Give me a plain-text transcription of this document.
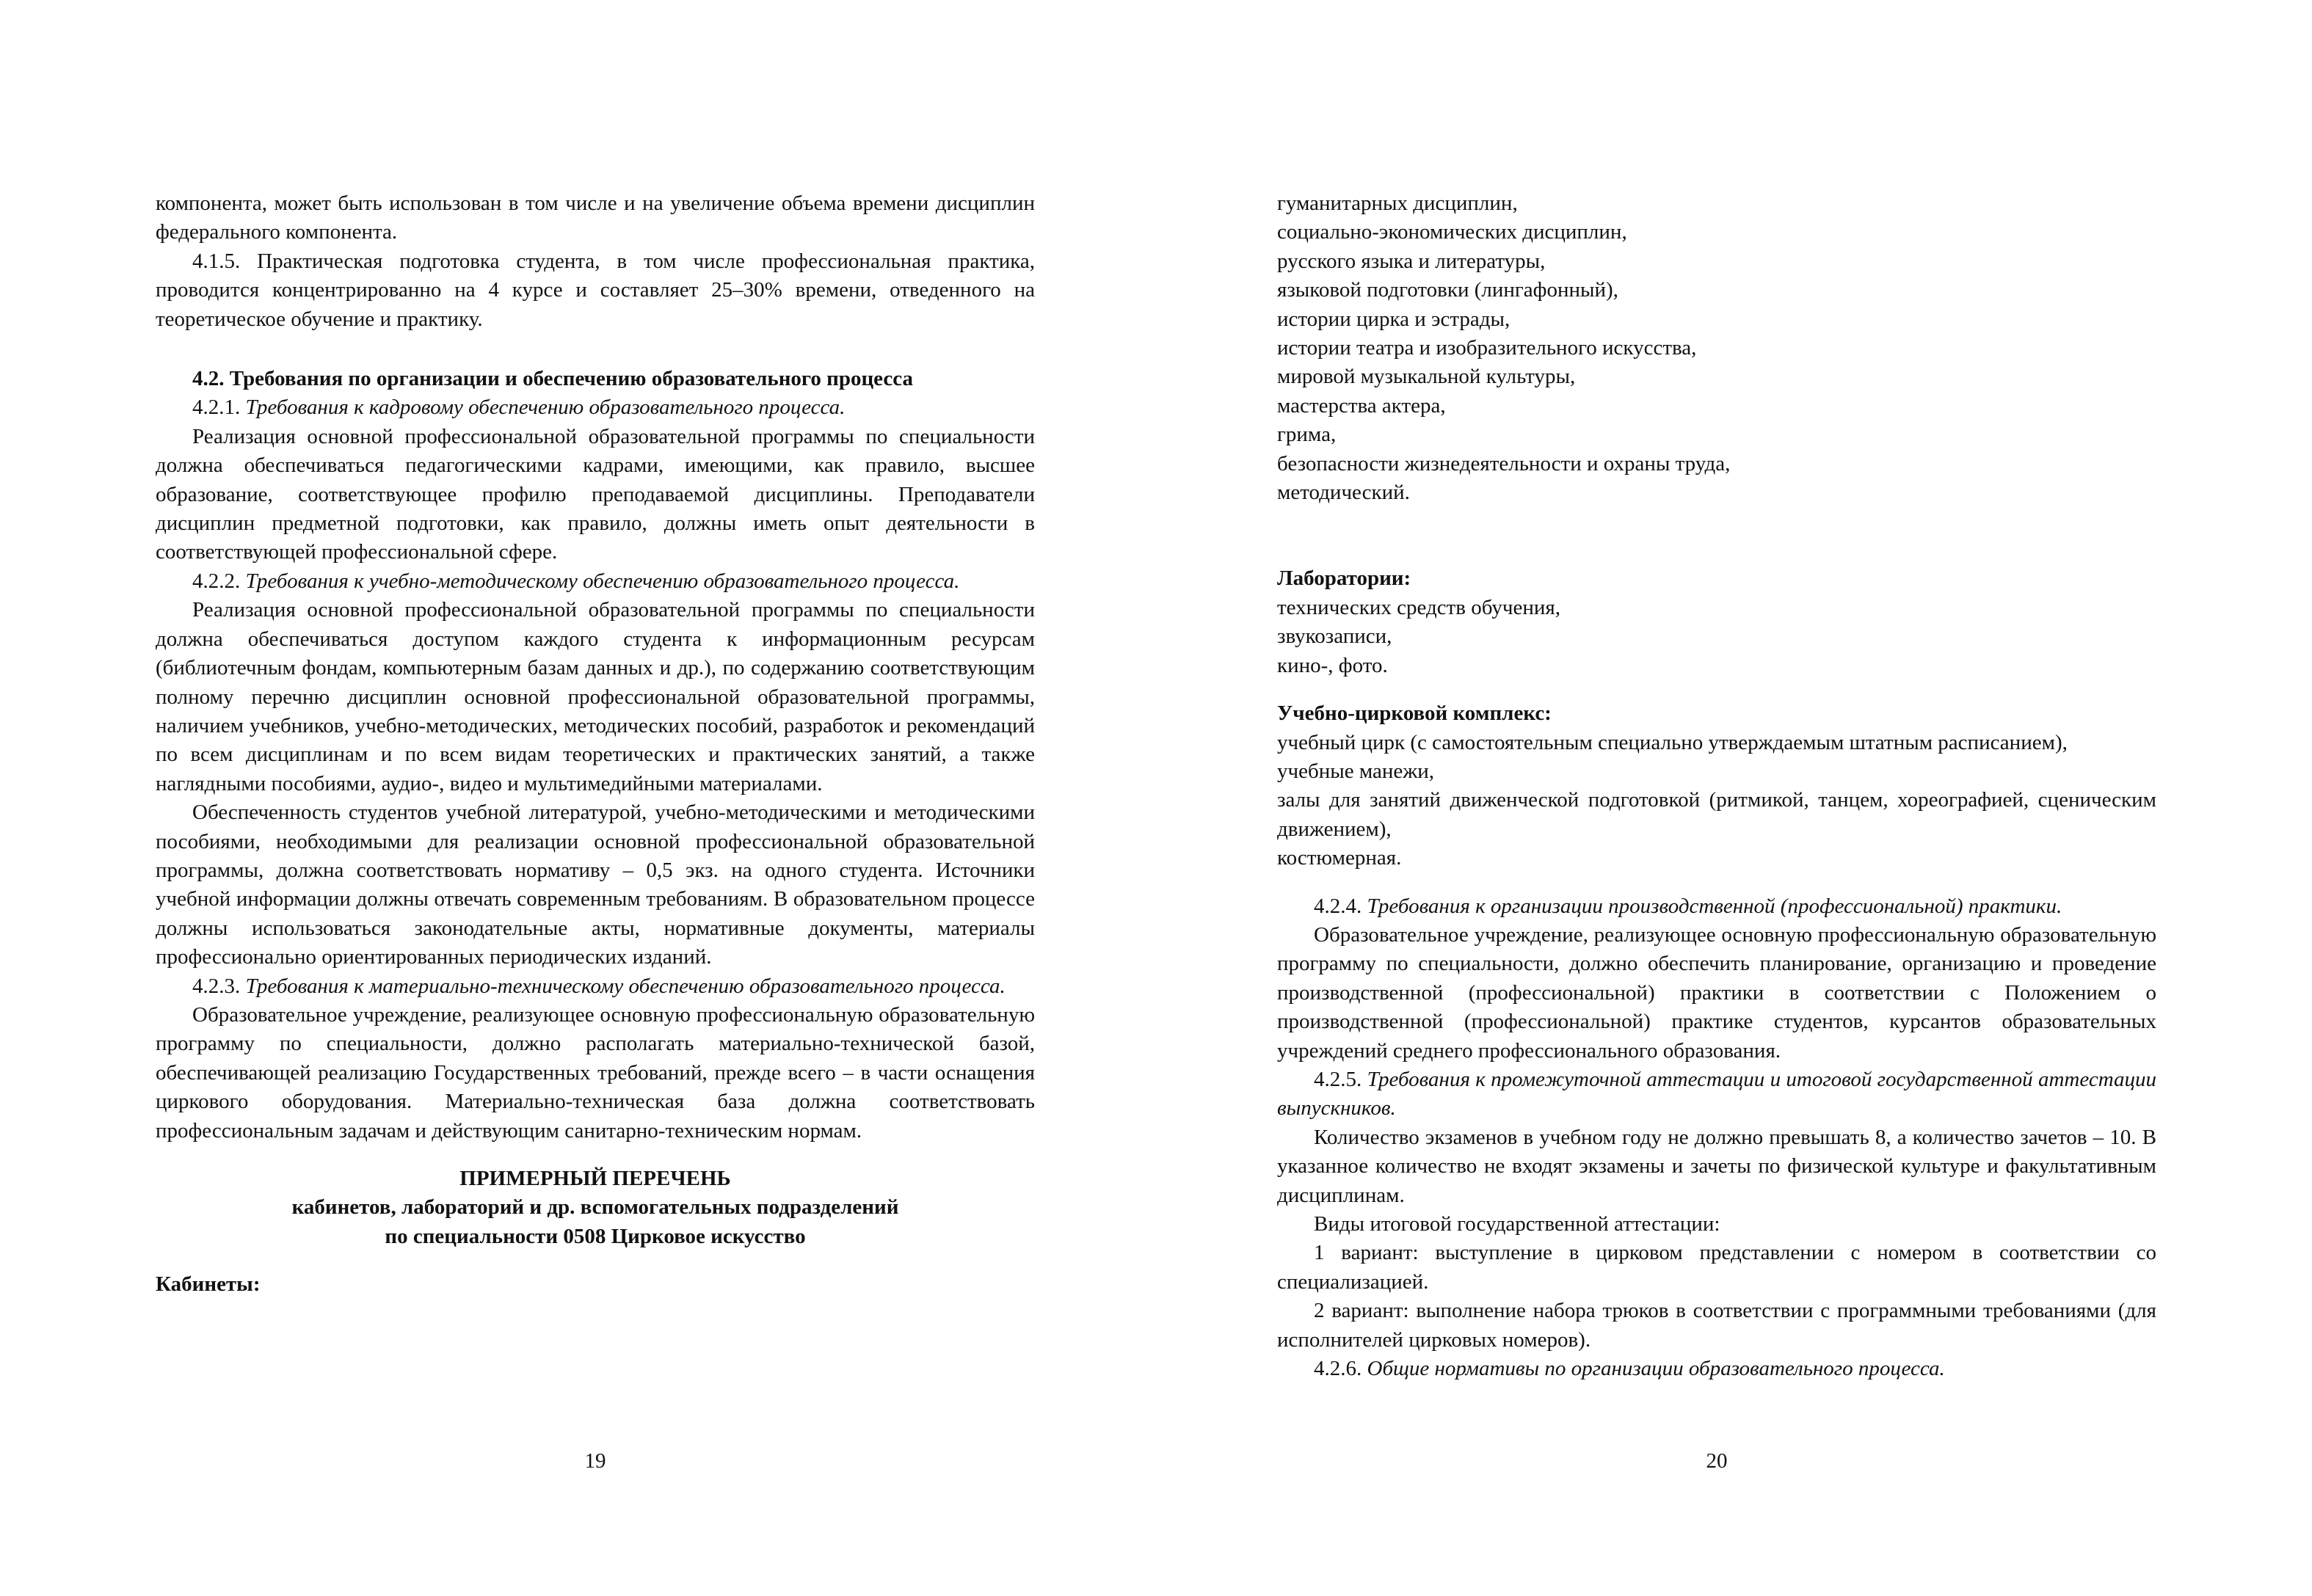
компонента, может быть использован в том числе и на увеличение объема времени дисциплин федерального компонента.

4.1.5. Практическая подготовка студента, в том числе профессиональная практика, проводится концентрированно на 4 курсе и составляет 25–30% времени, отведенного на теоретическое обучение и практику.

4.2. Требования по организации и обеспечению образовательного процесса

4.2.1. Требования к кадровому обеспечению образовательного процесса.

Реализация основной профессиональной образовательной программы по специальности должна обеспечиваться педагогическими кадрами, имеющими, как правило, высшее образование, соответствующее профилю преподаваемой дисциплины. Преподаватели дисциплин предметной подготовки, как правило, должны иметь опыт деятельности в соответствующей профессиональной сфере.

4.2.2. Требования к учебно-методическому обеспечению образовательного процесса.

Реализация основной профессиональной образовательной программы по специальности должна обеспечиваться доступом каждого студента к информационным ресурсам (библиотечным фондам, компьютерным базам данных и др.), по содержанию соответствующим полному перечню дисциплин основной профессиональной образовательной программы, наличием учебников, учебно-методических, методических пособий, разработок и рекомендаций по всем дисциплинам и по всем видам теоретических и практических занятий, а также наглядными пособиями, аудио-, видео и мультимедийными материалами.

Обеспеченность студентов учебной литературой, учебно-методическими и методическими пособиями, необходимыми для реализации основной профессиональной образовательной программы, должна соответствовать нормативу – 0,5 экз. на одного студента. Источники учебной информации должны отвечать современным требованиям. В образовательном процессе должны использоваться законодательные акты, нормативные документы, материалы профессионально ориентированных периодических изданий.

4.2.3. Требования к материально-техническому обеспечению образовательного процесса.

Образовательное учреждение, реализующее основную профессиональную образовательную программу по специальности, должно располагать материально-технической базой, обеспечивающей реализацию Государственных требований, прежде всего – в части оснащения циркового оборудования. Материально-техническая база должна соответствовать профессиональным задачам и действующим санитарно-техническим нормам.

ПРИМЕРНЫЙ ПЕРЕЧЕНЬ

кабинетов, лабораторий и др. вспомогательных подразделений

по специальности 0508 Цирковое искусство

Кабинеты:

19

гуманитарных дисциплин,

социально-экономических дисциплин,

русского языка и литературы,

языковой подготовки (лингафонный),

истории цирка и эстрады,

истории театра и изобразительного искусства,

мировой музыкальной культуры,

мастерства актера,

грима,

безопасности жизнедеятельности и охраны труда,

методический.

Лаборатории:

технических средств обучения,

звукозаписи,

кино-, фото.

Учебно-цирковой комплекс:

учебный цирк (с самостоятельным специально утверждаемым штатным расписанием),

учебные манежи,

залы для занятий движенческой подготовкой (ритмикой, танцем, хореографией, сценическим движением),

костюмерная.

4.2.4. Требования к организации производственной (профессиональной) практики.

Образовательное учреждение, реализующее основную профессиональную образовательную программу по специальности, должно обеспечить планирование, организацию и проведение производственной (профессиональной) практики в соответствии с Положением о производственной (профессиональной) практике студентов, курсантов образовательных учреждений среднего профессионального образования.

4.2.5. Требования к промежуточной аттестации и итоговой государственной аттестации выпускников.

Количество экзаменов в учебном году не должно превышать 8, а количество зачетов – 10. В указанное количество не входят экзамены и зачеты по физической культуре и факультативным дисциплинам.

Виды итоговой государственной аттестации:

1 вариант: выступление в цирковом представлении с номером в соответствии со специализацией.

2 вариант: выполнение набора трюков в соответствии с программными требованиями (для исполнителей цирковых номеров).

4.2.6. Общие нормативы по организации образовательного процесса.

20
